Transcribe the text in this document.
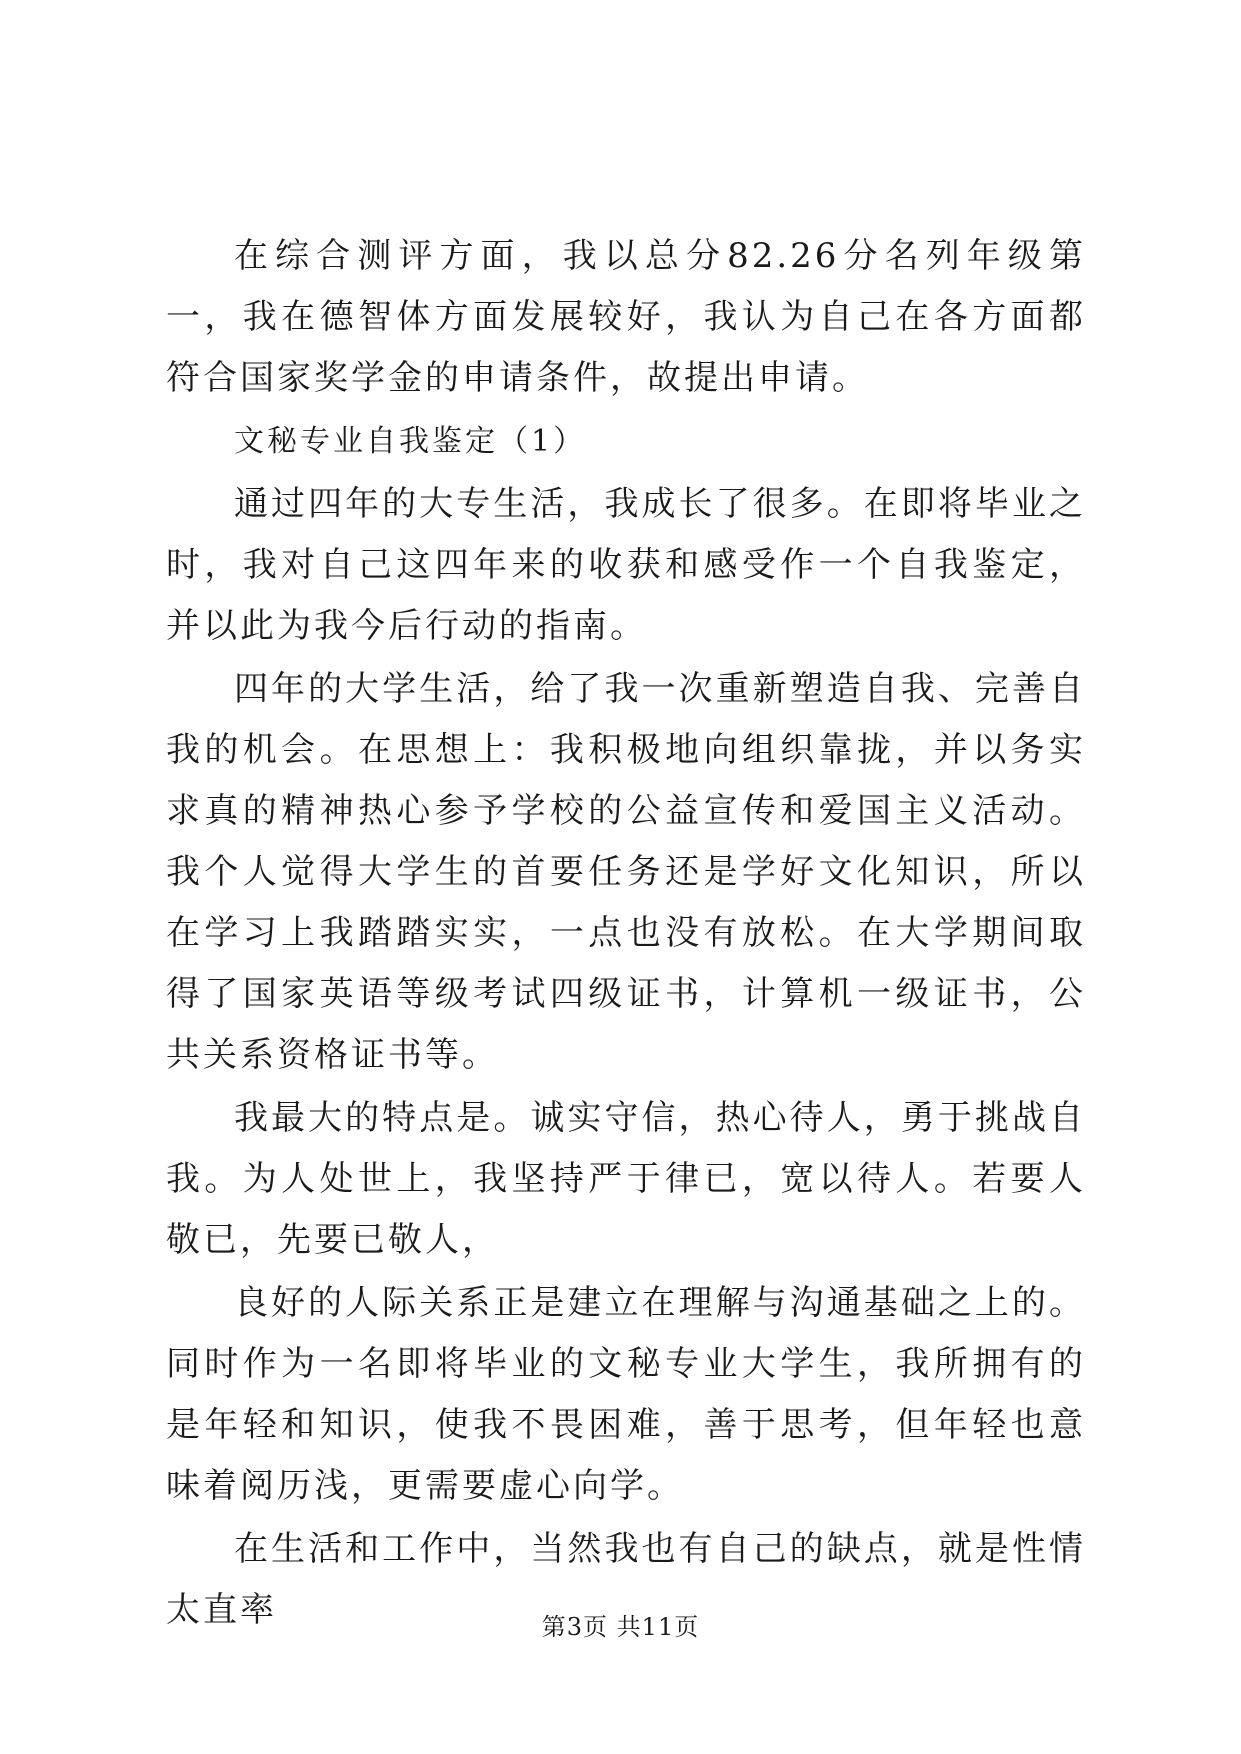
在综合测评方面，我以总分82.26分名列年级第一，我在德智体方面发展较好，我认为自己在各方面都符合国家奖学金的申请条件，故提出申请。

文秘专业自我鉴定（1）

通过四年的大专生活，我成长了很多。在即将毕业之时，我对自己这四年来的收获和感受作一个自我鉴定，并以此为我今后行动的指南。

四年的大学生活，给了我一次重新塑造自我、完善自我的机会。在思想上：我积极地向组织靠拢，并以务实求真的精神热心参予学校的公益宣传和爱国主义活动。我个人觉得大学生的首要任务还是学好文化知识，所以在学习上我踏踏实实，一点也没有放松。在大学期间取得了国家英语等级考试四级证书，计算机一级证书，公共关系资格证书等。

我最大的特点是。诚实守信，热心待人，勇于挑战自我。为人处世上，我坚持严于律已，宽以待人。若要人敬已，先要已敬人，

良好的人际关系正是建立在理解与沟通基础之上的。同时作为一名即将毕业的文秘专业大学生，我所拥有的是年轻和知识，使我不畏困难，善于思考，但年轻也意味着阅历浅，更需要虚心向学。

在生活和工作中，当然我也有自己的缺点，就是性情太直率	第3页 共11页
